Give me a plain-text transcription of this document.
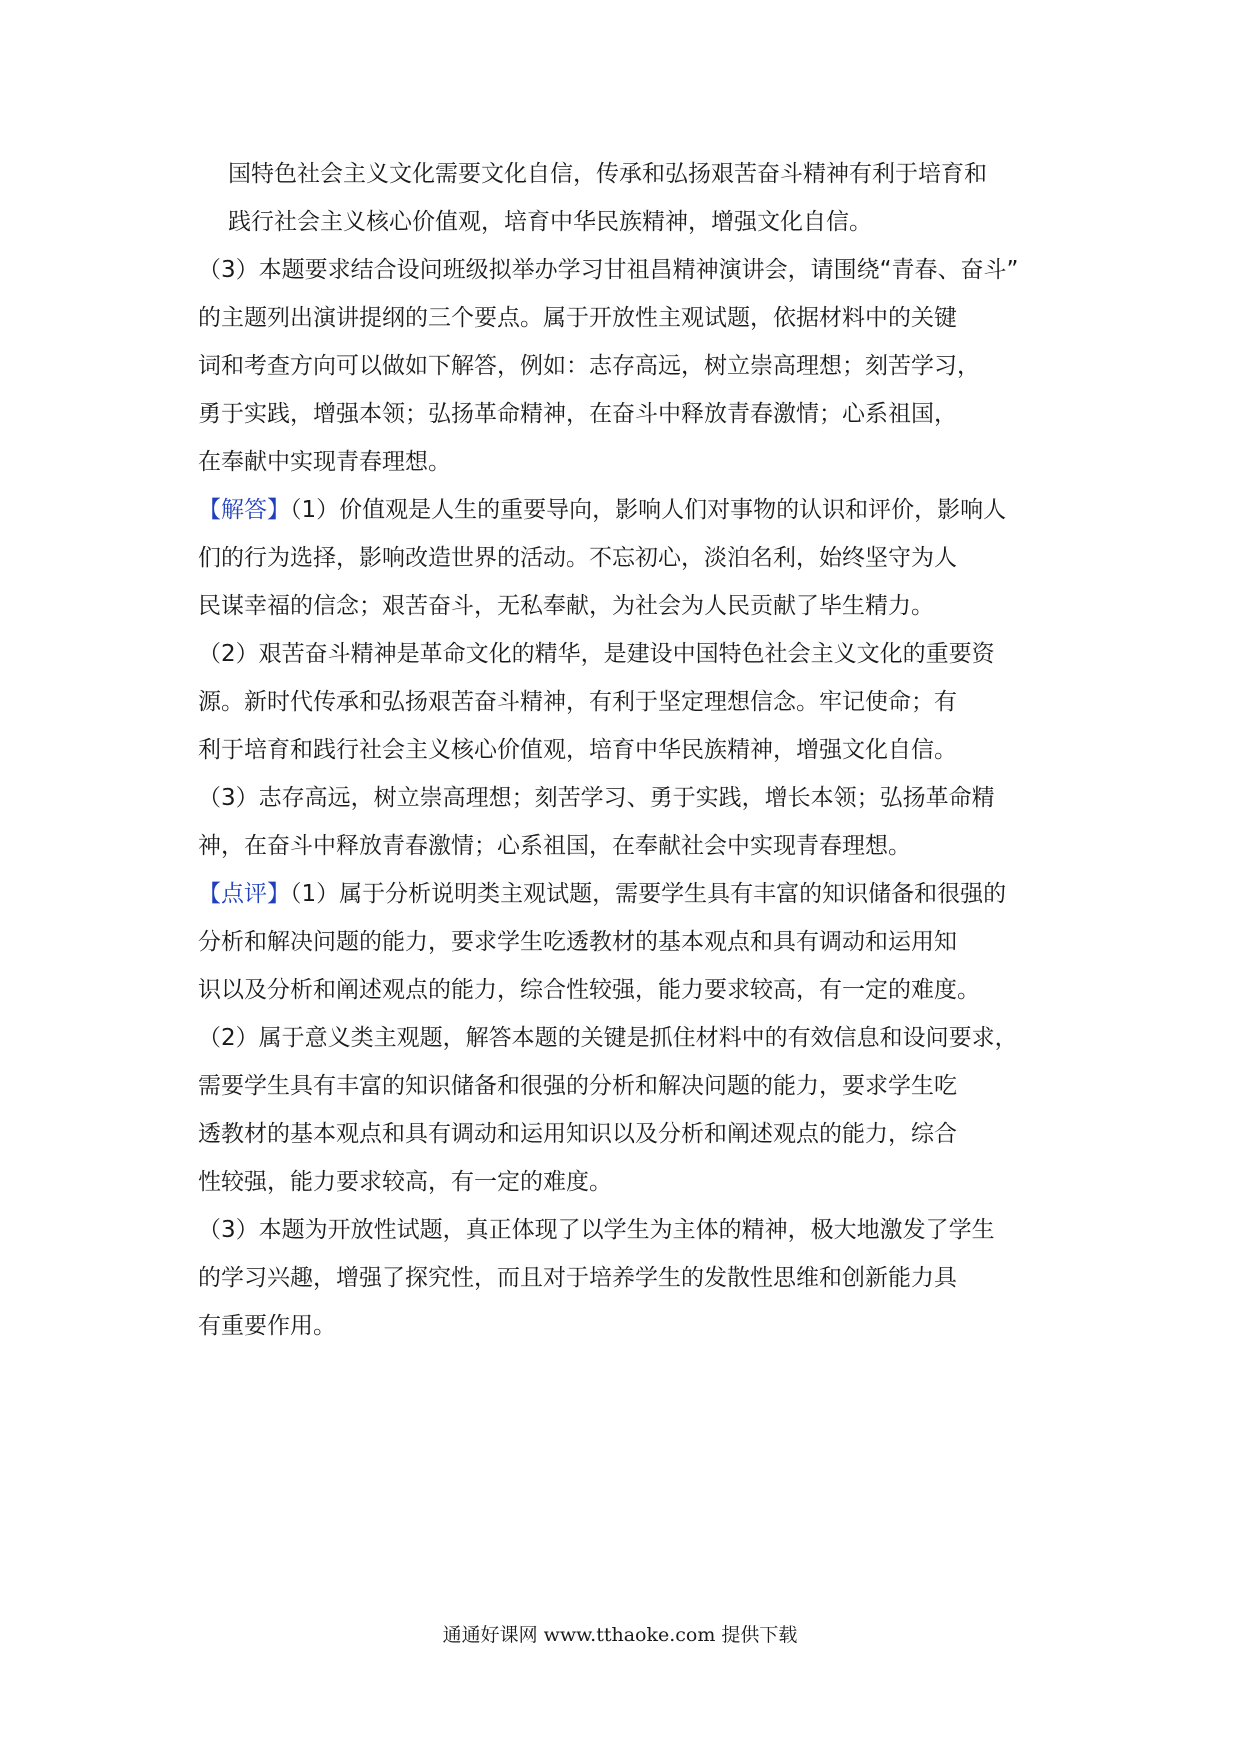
国特色社会主义文化需要文化自信，传承和弘扬艰苦奋斗精神有利于培育和
践行社会主义核心价值观，培育中华民族精神，增强文化自信。
（3）本题要求结合设问班级拟举办学习甘祖昌精神演讲会，请围绕“青春、奋斗”
的主题列出演讲提纲的三个要点。属于开放性主观试题，依据材料中的关键
词和考查方向可以做如下解答，例如：志存高远，树立崇高理想；刻苦学习，
勇于实践，增强本领；弘扬革命精神，在奋斗中释放青春激情；心系祖国，
在奉献中实现青春理想。
【解答】（1）价值观是人生的重要导向，影响人们对事物的认识和评价，影响人
们的行为选择，影响改造世界的活动。不忘初心，淡泊名利，始终坚守为人
民谋幸福的信念；艰苦奋斗，无私奉献，为社会为人民贡献了毕生精力。
（2）艰苦奋斗精神是革命文化的精华，是建设中国特色社会主义文化的重要资
源。新时代传承和弘扬艰苦奋斗精神，有利于坚定理想信念。牢记使命；有
利于培育和践行社会主义核心价值观，培育中华民族精神，增强文化自信。
（3）志存高远，树立崇高理想；刻苦学习、勇于实践，增长本领；弘扬革命精
神，在奋斗中释放青春激情；心系祖国，在奉献社会中实现青春理想。
【点评】（1）属于分析说明类主观试题，需要学生具有丰富的知识储备和很强的
分析和解决问题的能力，要求学生吃透教材的基本观点和具有调动和运用知
识以及分析和阐述观点的能力，综合性较强，能力要求较高，有一定的难度。
（2）属于意义类主观题，解答本题的关键是抓住材料中的有效信息和设问要求，
需要学生具有丰富的知识储备和很强的分析和解决问题的能力，要求学生吃
透教材的基本观点和具有调动和运用知识以及分析和阐述观点的能力，综合
性较强，能力要求较高，有一定的难度。
（3）本题为开放性试题，真正体现了以学生为主体的精神，极大地激发了学生
的学习兴趣，增强了探究性，而且对于培养学生的发散性思维和创新能力具
有重要作用。
通通好课网 www.tthaoke.com 提供下载
